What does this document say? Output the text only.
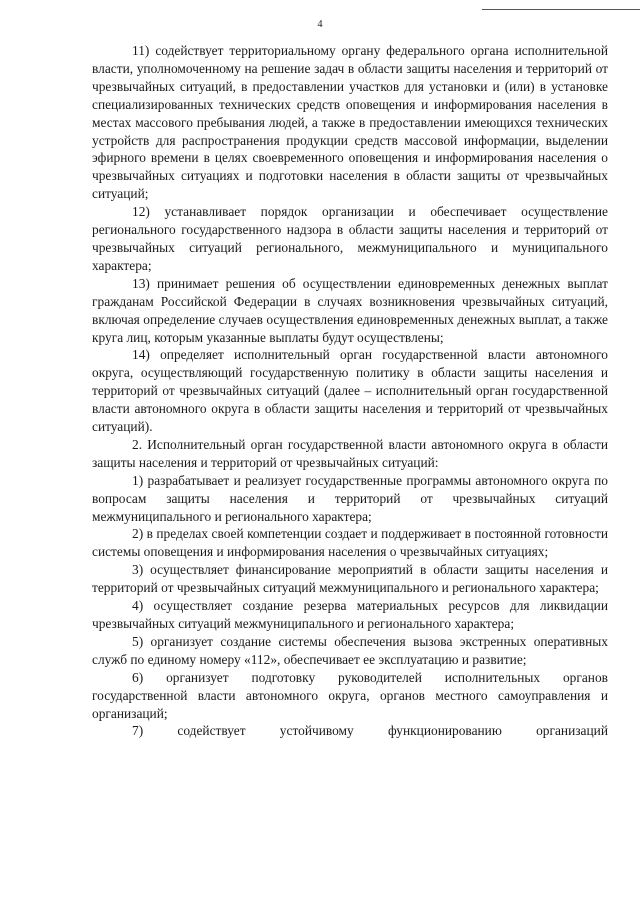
4

11) содействует территориальному органу федерального органа исполнительной власти, уполномоченному на решение задач в области защиты населения и территорий от чрезвычайных ситуаций, в предоставлении участков для установки и (или) в установке специализированных технических средств оповещения и информирования населения в местах массового пребывания людей, а также в предоставлении имеющихся технических устройств для распространения продукции средств массовой информации, выделении эфирного времени в целях своевременного оповещения и информирования населения о чрезвычайных ситуациях и подготовки населения в области защиты от чрезвычайных ситуаций;

12) устанавливает порядок организации и обеспечивает осуществление регионального государственного надзора в области защиты населения и территорий от чрезвычайных ситуаций регионального, межмуниципального и муниципального характера;

13) принимает решения об осуществлении единовременных денежных выплат гражданам Российской Федерации в случаях возникновения чрезвычайных ситуаций, включая определение случаев осуществления единовременных денежных выплат, а также круга лиц, которым указанные выплаты будут осуществлены;

14) определяет исполнительный орган государственной власти автономного округа, осуществляющий государственную политику в области защиты населения и территорий от чрезвычайных ситуаций (далее – исполнительный орган государственной власти автономного округа в области защиты населения и территорий от чрезвычайных ситуаций).

2. Исполнительный орган государственной власти автономного округа в области защиты населения и территорий от чрезвычайных ситуаций:

1) разрабатывает и реализует государственные программы автономного округа по вопросам защиты населения и территорий от чрезвычайных ситуаций межмуниципального и регионального характера;

2) в пределах своей компетенции создает и поддерживает в постоянной готовности системы оповещения и информирования населения о чрезвычайных ситуациях;

3) осуществляет финансирование мероприятий в области защиты населения и территорий от чрезвычайных ситуаций межмуниципального и регионального характера;

4) осуществляет создание резерва материальных ресурсов для ликвидации чрезвычайных ситуаций межмуниципального и регионального характера;

5) организует создание системы обеспечения вызова экстренных оперативных служб по единому номеру «112», обеспечивает ее эксплуатацию и развитие;

6) организует подготовку руководителей исполнительных органов государственной власти автономного округа, органов местного самоуправления и организаций;

7) содействует устойчивому функционированию организаций
